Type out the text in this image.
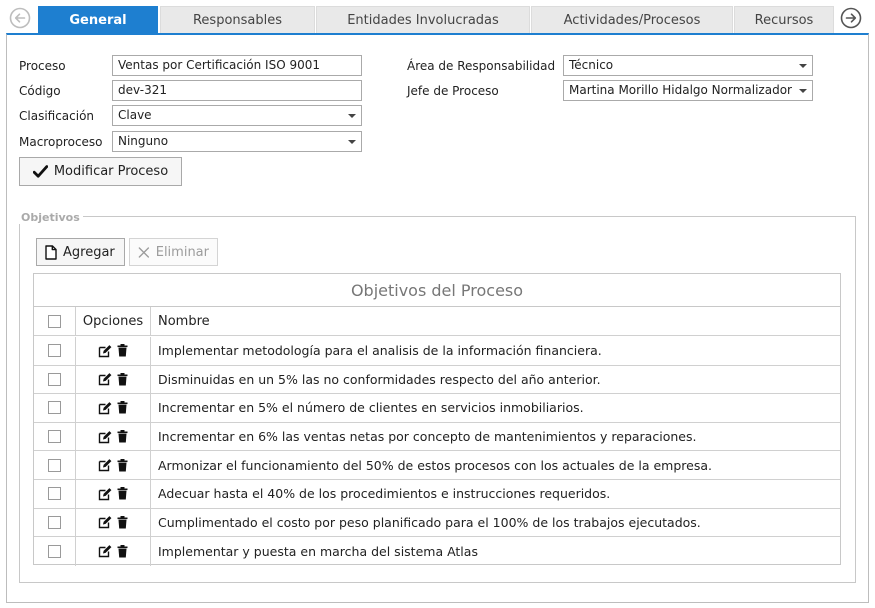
General	Responsables	Entidades Involucradas	Actividades/Procesos	Recursos
Proceso	Ventas por Certificación ISO 9001
Código	dev-321
Clasificación	Clave
Macroproceso	Ninguno
Área de Responsabilidad	Técnico
Jefe de Proceso	Martina Morillo Hidalgo Normalizador
Modificar Proceso
Objetivos
Agregar	Eliminar
Objetivos del Proceso
Opciones	Nombre
Implementar metodología para el analisis de la información financiera.
Disminuidas en un 5% las no conformidades respecto del año anterior.
Incrementar en 5% el número de clientes en servicios inmobiliarios.
Incrementar en 6% las ventas netas por concepto de mantenimientos y reparaciones.
Armonizar el funcionamiento del 50% de estos procesos con los actuales de la empresa.
Adecuar hasta el 40% de los procedimientos e instrucciones requeridos.
Cumplimentado el costo por peso planificado para el 100% de los trabajos ejecutados.
Implementar y puesta en marcha del sistema Atlas
